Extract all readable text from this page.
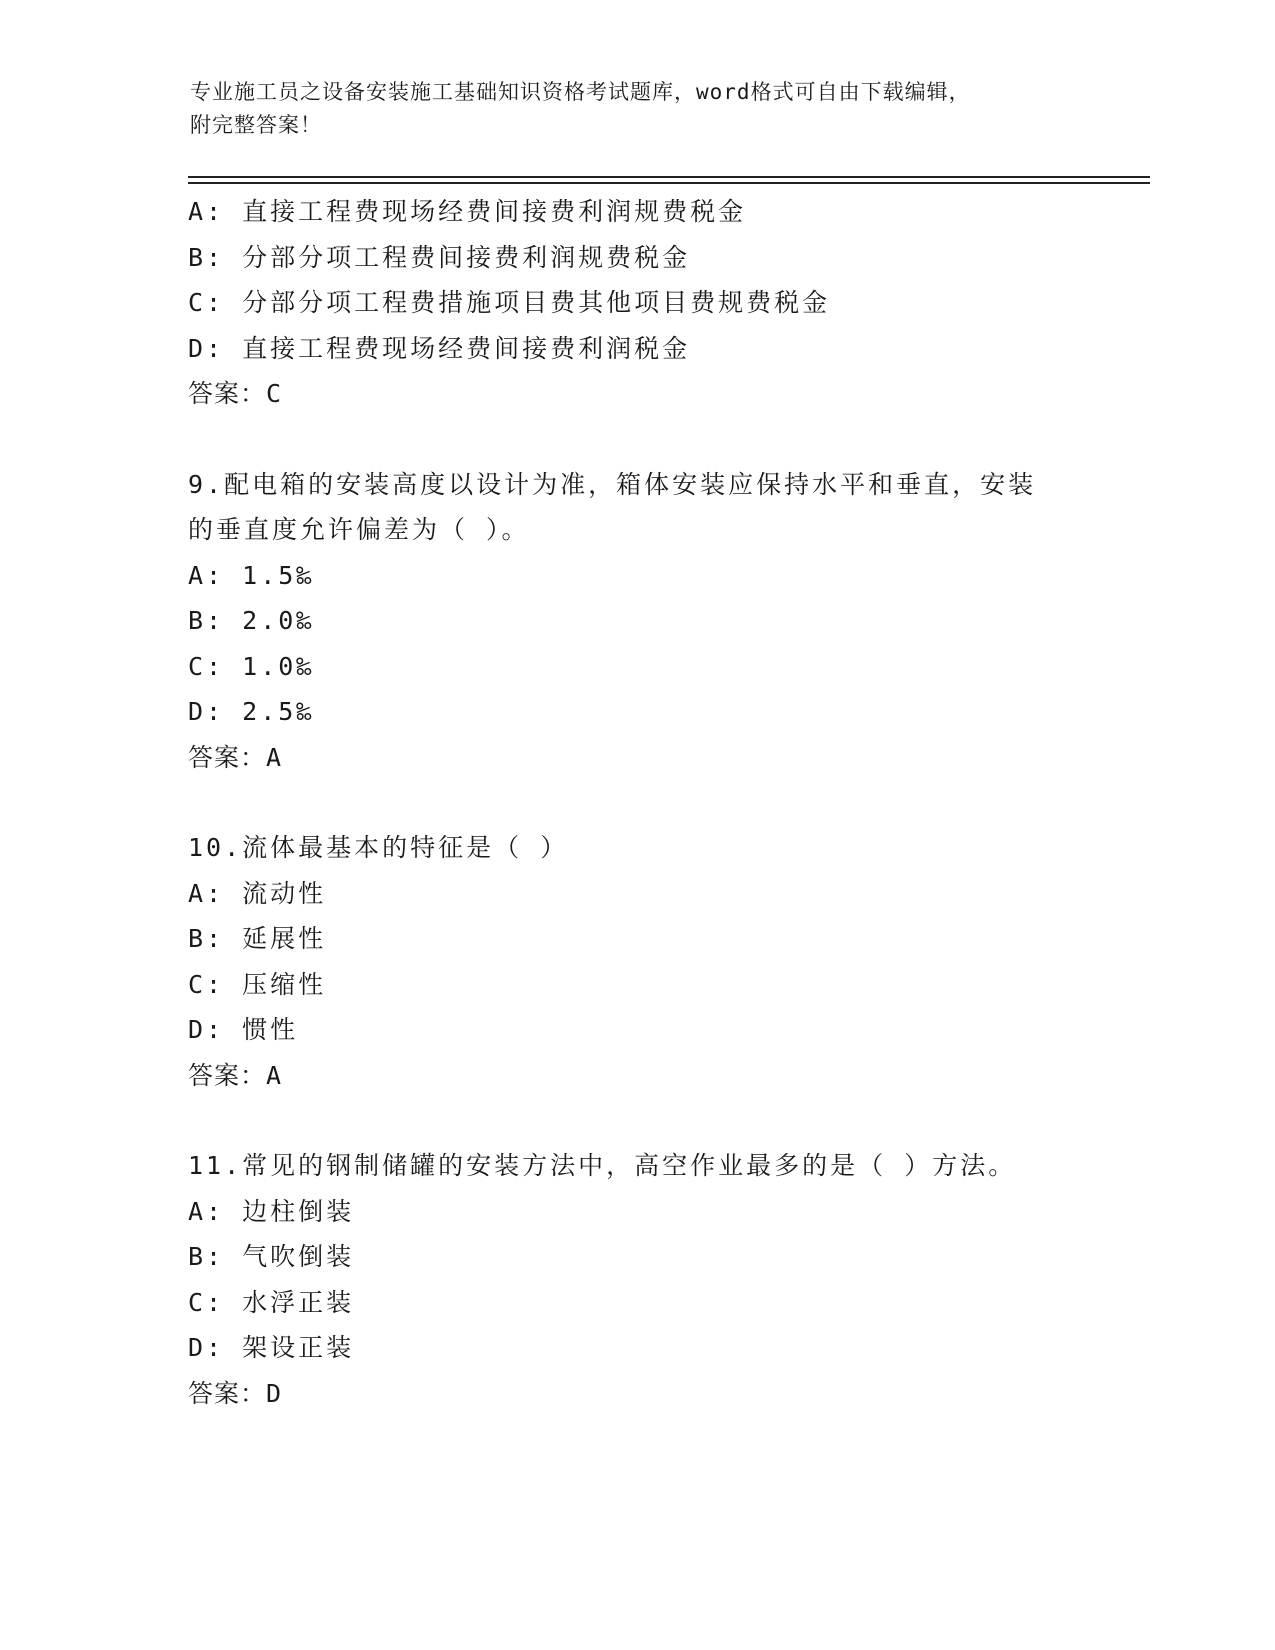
专业施工员之设备安装施工基础知识资格考试题库，word格式可自由下载编辑，
附完整答案！
A: 直接工程费现场经费间接费利润规费税金
B: 分部分项工程费间接费利润规费税金
C: 分部分项工程费措施项目费其他项目费规费税金
D: 直接工程费现场经费间接费利润税金
答案：C
9.配电箱的安装高度以设计为准，箱体安装应保持水平和垂直，安装
的垂直度允许偏差为（ ）。
A: 1.5‰
B: 2.0‰
C: 1.0‰
D: 2.5‰
答案：A
10.流体最基本的特征是（ ）
A: 流动性
B: 延展性
C: 压缩性
D: 惯性
答案：A
11.常见的钢制储罐的安装方法中，高空作业最多的是（ ）方法。
A: 边柱倒装
B: 气吹倒装
C: 水浮正装
D: 架设正装
答案：D
